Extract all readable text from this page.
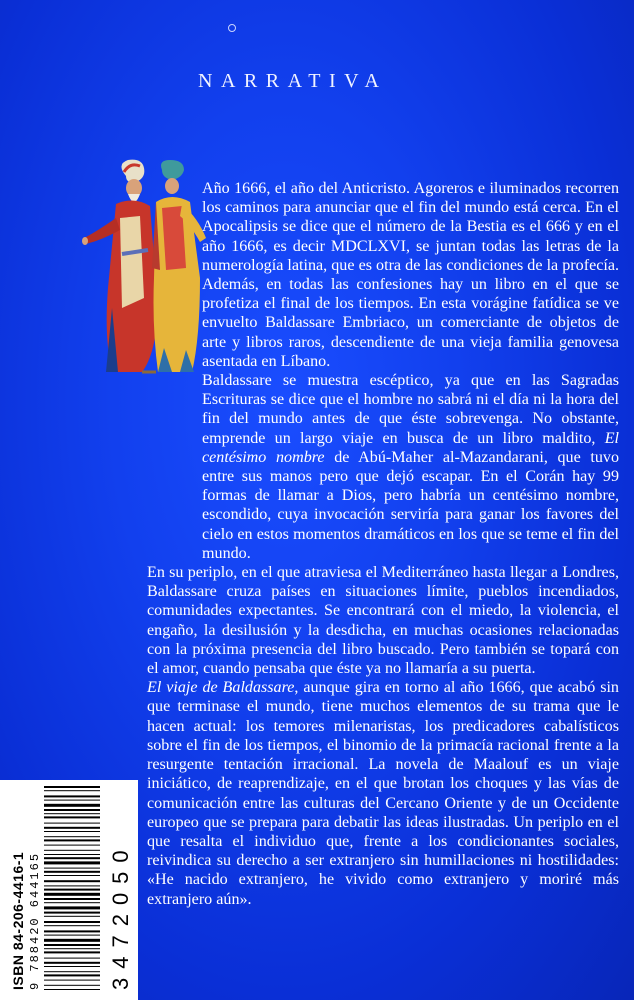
NARRATIVA

Año 1666, el año del Anticristo. Agoreros e iluminados recorren los caminos para anunciar que el fin del mundo está cerca. En el Apocalipsis se dice que el número de la Bestia es el 666 y en el año 1666, es decir MDCLXVI, se juntan todas las letras de la numerología latina, que es otra de las condiciones de la profecía. Además, en todas las confesiones hay un libro en el que se profetiza el final de los tiempos. En esta vorágine fatídica se ve envuelto Baldassare Embriaco, un comerciante de objetos de arte y libros raros, descendiente de una vieja familia genovesa asentada en Líbano.

Baldassare se muestra escéptico, ya que en las Sagradas Escrituras se dice que el hombre no sabrá ni el día ni la hora del fin del mundo antes de que éste sobrevenga. No obstante, emprende un largo viaje en busca de un libro maldito, El centésimo nombre de Abú-Maher al-Mazandarani, que tuvo entre sus manos pero que dejó escapar. En el Corán hay 99 formas de llamar a Dios, pero habría un centésimo nombre, escondido, cuya invocación serviría para ganar los favores del cielo en estos momentos dramáticos en los que se teme el fin del mundo.

En su periplo, en el que atraviesa el Mediterráneo hasta llegar a Londres, Baldassare cruza países en situaciones límite, pueblos incendiados, comunidades expectantes. Se encontrará con el miedo, la violencia, el engaño, la desilusión y la desdicha, en muchas ocasiones relacionadas con la próxima presencia del libro buscado. Pero también se topará con el amor, cuando pensaba que éste ya no llamaría a su puerta.

El viaje de Baldassare, aunque gira en torno al año 1666, que acabó sin que terminase el mundo, tiene muchos elementos de su trama que le hacen actual: los temores milenaristas, los predicadores cabalísticos sobre el fin de los tiempos, el binomio de la primacía racional frente a la resurgente tentación irracional. La novela de Maalouf es un viaje iniciático, de reaprendizaje, en el que brotan los choques y las vías de comunicación entre las culturas del Cercano Oriente y de un Occidente europeo que se prepara para debatir las ideas ilustradas. Un periplo en el que resalta el individuo que, frente a los condicionantes sociales, reivindica su derecho a ser extranjero sin humillaciones ni hostilidades: «He nacido extranjero, he vivido como extranjero y moriré más extranjero aún».

ISBN 84-206-4416-1 9 788420 644165	3472050
